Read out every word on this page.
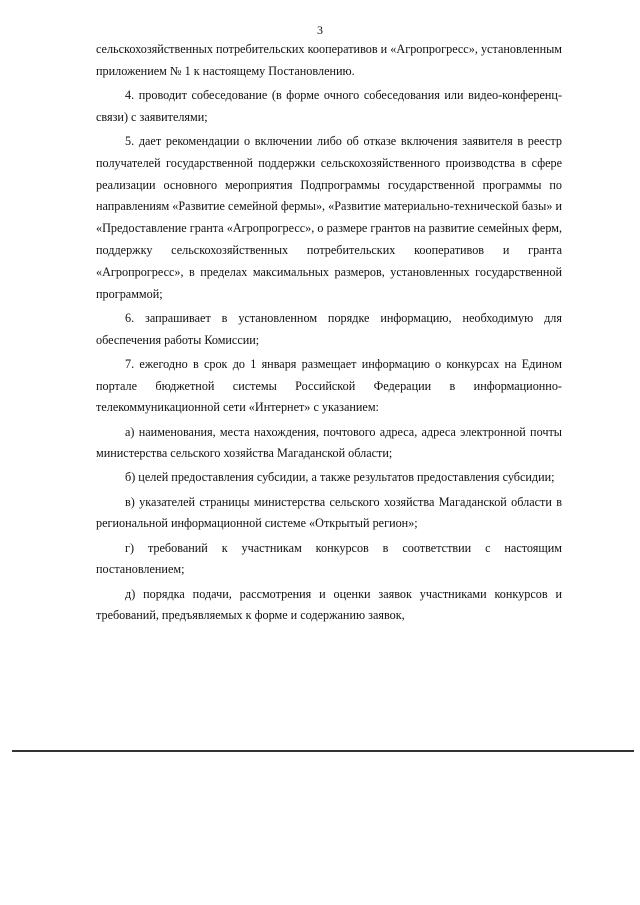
3

сельскохозяйственных потребительских кооперативов и «Агропрогресс», установленным приложением № 1 к настоящему Постановлению.

4. проводит собеседование (в форме очного собеседования или видео-конференц-связи) с заявителями;

5. дает рекомендации о включении либо об отказе включения заявителя в реестр получателей государственной поддержки сельскохозяйственного производства в сфере реализации основного мероприятия Подпрограммы государственной программы по направлениям «Развитие семейной фермы», «Развитие материально-технической базы» и «Предоставление гранта «Агропрогресс», о размере грантов на развитие семейных ферм, поддержку сельскохозяйственных потребительских кооперативов и гранта «Агропрогресс», в пределах максимальных размеров, установленных государственной программой;

6. запрашивает в установленном порядке информацию, необходимую для обеспечения работы Комиссии;

7. ежегодно в срок до 1 января размещает информацию о конкурсах на Едином портале бюджетной системы Российской Федерации в информационно-телекоммуникационной сети «Интернет» с указанием:

а) наименования, места нахождения, почтового адреса, адреса электронной почты министерства сельского хозяйства Магаданской области;

б) целей предоставления субсидии, а также результатов предоставления субсидии;

в) указателей страницы министерства сельского хозяйства Магаданской области в региональной информационной системе «Открытый регион»;

г) требований к участникам конкурсов в соответствии с настоящим постановлением;

д) порядка подачи, рассмотрения и оценки заявок участниками конкурсов и требований, предъявляемых к форме и содержанию заявок,
